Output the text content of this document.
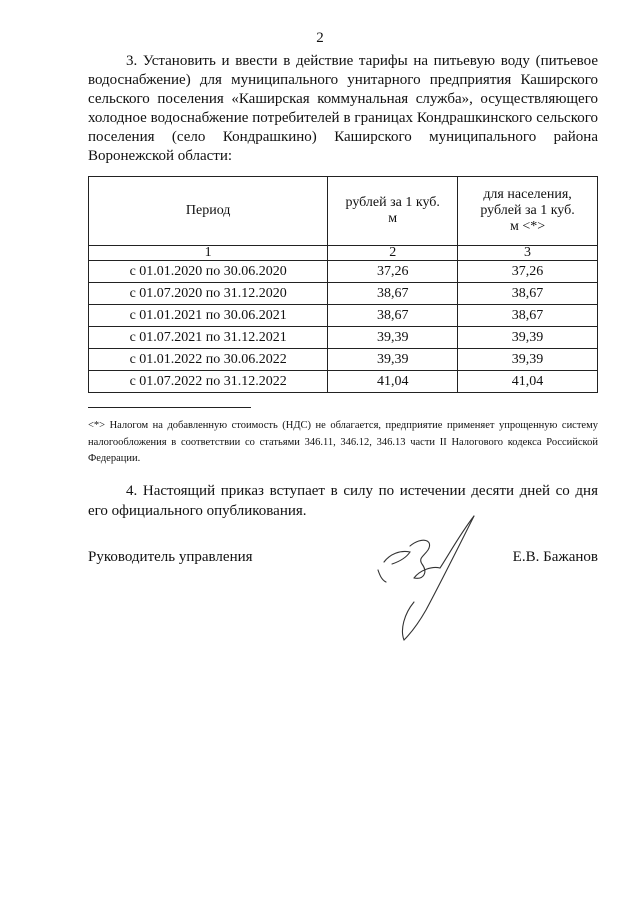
2
3. Установить и ввести в действие тарифы на питьевую воду (питьевое водоснабжение) для муниципального унитарного предприятия Каширского сельского поселения «Каширская коммунальная служба», осуществляющего холодное водоснабжение потребителей в границах Кондрашкинского сельского поселения (село Кондрашкино) Каширского муниципального района Воронежской области:
Период	рублей за 1 куб. м	для населения, рублей за 1 куб. м <*>
1	2	3
с 01.01.2020 по 30.06.2020	37,26	37,26
с 01.07.2020 по 31.12.2020	38,67	38,67
с 01.01.2021 по 30.06.2021	38,67	38,67
с 01.07.2021 по 31.12.2021	39,39	39,39
с 01.01.2022 по 30.06.2022	39,39	39,39
с 01.07.2022 по 31.12.2022	41,04	41,04
<*> Налогом на добавленную стоимость (НДС) не облагается, предприятие применяет упрощенную систему налогообложения в соответствии со статьями 346.11, 346.12, 346.13 части II Налогового кодекса Российской Федерации.
4. Настоящий приказ вступает в силу по истечении десяти дней со дня его официального опубликования.
Руководитель управления	Е.В. Бажанов
